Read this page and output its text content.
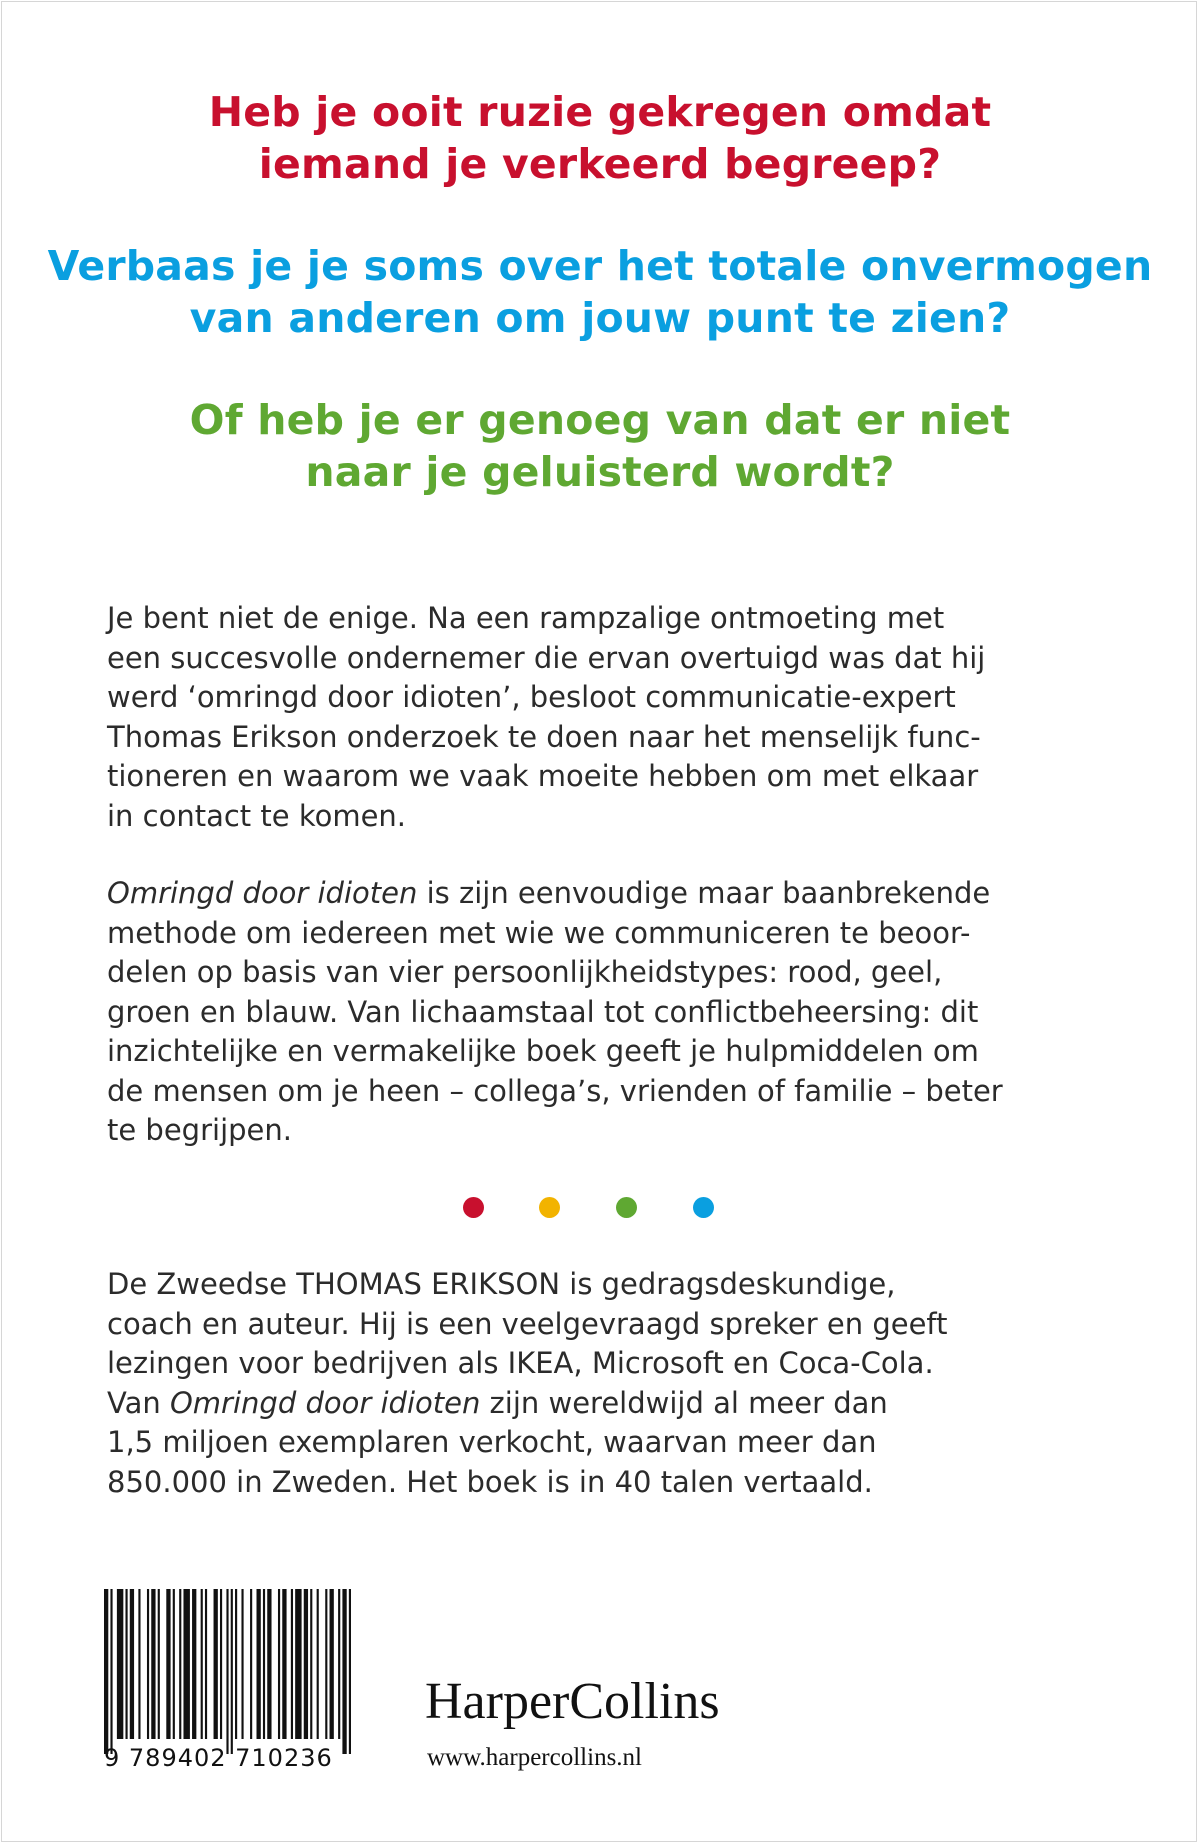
Heb je ooit ruzie gekregen omdat
iemand je verkeerd begreep?

Verbaas je je soms over het totale onvermogen
van anderen om jouw punt te zien?

Of heb je er genoeg van dat er niet
naar je geluisterd wordt?

Je bent niet de enige. Na een rampzalige ontmoeting met
een succesvolle ondernemer die ervan overtuigd was dat hij
werd ‘omringd door idioten’, besloot communicatie-expert
Thomas Erikson onderzoek te doen naar het menselijk func-
tioneren en waarom we vaak moeite hebben om met elkaar
in contact te komen.

Omringd door idioten is zijn eenvoudige maar baanbrekende
methode om iedereen met wie we communiceren te beoor-
delen op basis van vier persoonlijkheidstypes: rood, geel,
groen en blauw. Van lichaamstaal tot conflictbeheersing: dit
inzichtelijke en vermakelijke boek geeft je hulpmiddelen om
de mensen om je heen – collega’s, vrienden of familie – beter
te begrijpen.

De Zweedse THOMAS ERIKSON is gedragsdeskundige,
coach en auteur. Hij is een veelgevraagd spreker en geeft
lezingen voor bedrijven als IKEA, Microsoft en Coca-Cola.
Van Omringd door idioten zijn wereldwijd al meer dan
1,5 miljoen exemplaren verkocht, waarvan meer dan
850.000 in Zweden. Het boek is in 40 talen vertaald.

9 789402 710236
HarperCollins
www.harpercollins.nl
